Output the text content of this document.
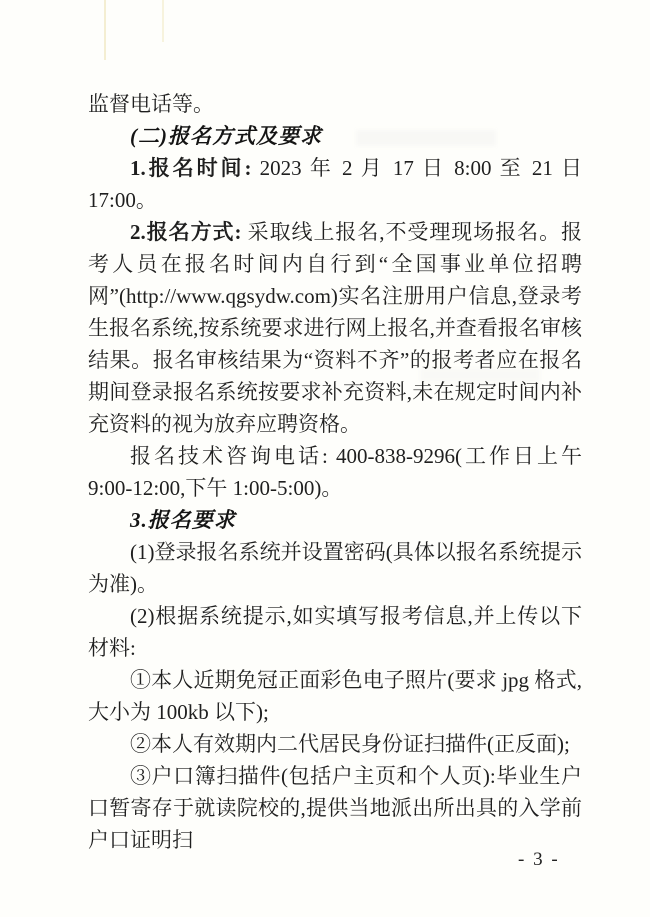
监督电话等。

(二)报名方式及要求

1.报名时间: 2023 年 2 月 17 日 8:00 至 21 日 17:00。

2.报名方式: 采取线上报名,不受理现场报名。报考人员在报名时间内自行到“全国事业单位招聘网”(http://www.qgsydw.com)实名注册用户信息,登录考生报名系统,按系统要求进行网上报名,并查看报名审核结果。报名审核结果为“资料不齐”的报考者应在报名期间登录报名系统按要求补充资料,未在规定时间内补充资料的视为放弃应聘资格。

报名技术咨询电话: 400-838-9296(工作日上午 9:00-12:00,下午 1:00-5:00)。

3.报名要求

(1)登录报名系统并设置密码(具体以报名系统提示为准)。

(2)根据系统提示,如实填写报考信息,并上传以下材料:

①本人近期免冠正面彩色电子照片(要求 jpg 格式,大小为 100kb 以下);

②本人有效期内二代居民身份证扫描件(正反面);

③户口簿扫描件(包括户主页和个人页):毕业生户口暂寄存于就读院校的,提供当地派出所出具的入学前户口证明扫

- 3 -
